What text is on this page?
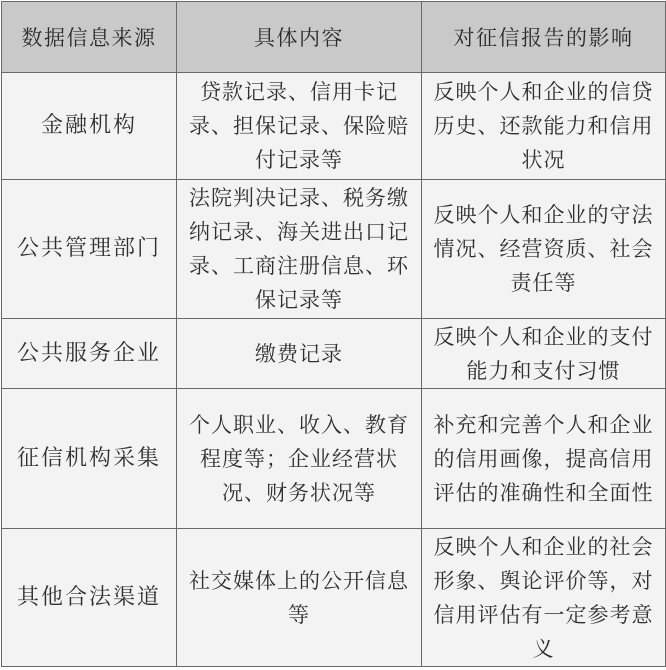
数据信息来源	具体内容	对征信报告的影响
金融机构	贷款记录、信用卡记录、担保记录、保险赔付记录等	反映个人和企业的信贷历史、还款能力和信用状况
公共管理部门	法院判决记录、税务缴纳记录、海关进出口记录、工商注册信息、环保记录等	反映个人和企业的守法情况、经营资质、社会责任等
公共服务企业	缴费记录	反映个人和企业的支付能力和支付习惯
征信机构采集	个人职业、收入、教育程度等；企业经营状况、财务状况等	补充和完善个人和企业的信用画像，提高信用评估的准确性和全面性
其他合法渠道	社交媒体上的公开信息等	反映个人和企业的社会形象、舆论评价等，对信用评估有一定参考意义
